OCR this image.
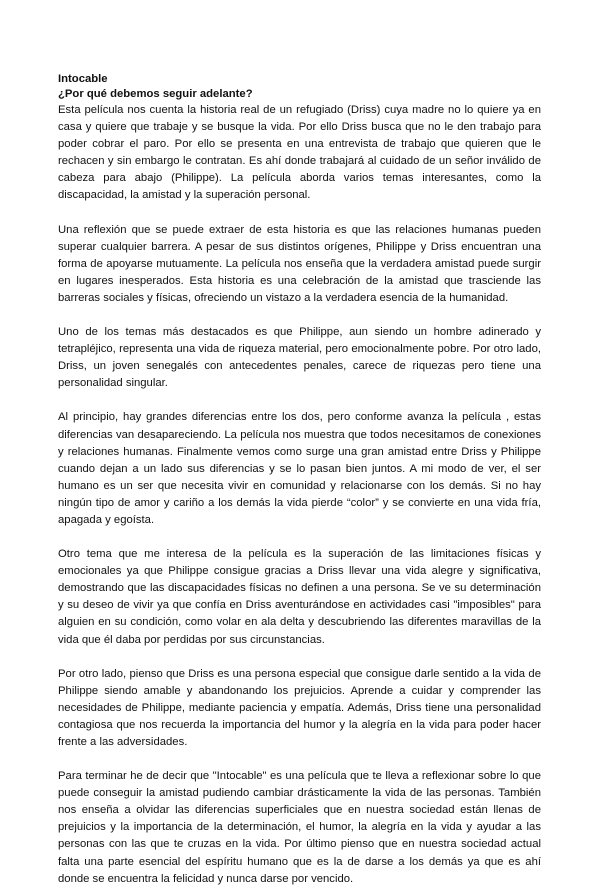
Intocable
¿Por qué debemos seguir adelante?

Esta película nos cuenta la historia real de un refugiado (Driss) cuya madre no lo quiere ya en casa y quiere que trabaje y se busque la vida. Por ello Driss busca que no le den trabajo para poder cobrar el paro. Por ello se presenta en una entrevista de trabajo que quieren que le rechacen y sin embargo le contratan. Es ahí donde trabajará al cuidado de un señor inválido de cabeza para abajo (Philippe). La película aborda varios temas interesantes, como la discapacidad, la amistad y la superación personal.

Una reflexión que se puede extraer de esta historia es que las relaciones humanas pueden superar cualquier barrera. A pesar de sus distintos orígenes, Philippe y Driss encuentran una forma de apoyarse mutuamente. La película nos enseña que la verdadera amistad puede surgir en lugares inesperados. Esta historia es una celebración de la amistad que trasciende las barreras sociales y físicas, ofreciendo un vistazo a la verdadera esencia de la humanidad.

Uno de los temas más destacados es que Philippe, aun siendo un hombre adinerado y tetrapléjico, representa una vida de riqueza material, pero emocionalmente pobre. Por otro lado, Driss, un joven senegalés con antecedentes penales, carece de riquezas pero tiene una personalidad singular.

Al principio, hay grandes diferencias entre los dos, pero conforme avanza la película , estas diferencias van desapareciendo. La película nos muestra que todos necesitamos de conexiones y relaciones humanas. Finalmente vemos como surge una gran amistad entre Driss y Philippe cuando dejan a un lado sus diferencias y se lo pasan bien juntos. A mi modo de ver, el ser humano es un ser que necesita vivir en comunidad y relacionarse con los demás. Si no hay ningún tipo de amor y cariño a los demás la vida pierde “color” y se convierte en una vida fría, apagada y egoísta.

Otro tema que me interesa de la película es la superación de las limitaciones físicas y emocionales ya que Philippe consigue gracias a Driss llevar una vida alegre y significativa, demostrando que las discapacidades físicas no definen a una persona. Se ve su determinación y su deseo de vivir ya que confía en Driss aventurándose en actividades casi "imposibles" para alguien en su condición, como volar en ala delta y descubriendo las diferentes maravillas de la vida que él daba por perdidas por sus circunstancias.

Por otro lado, pienso que Driss es una persona especial que consigue darle sentido a la vida de Philippe siendo amable y abandonando los prejuicios. Aprende a cuidar y comprender las necesidades de Philippe, mediante paciencia y empatía. Además, Driss tiene una personalidad contagiosa que nos recuerda la importancia del humor y la alegría en la vida para poder hacer frente a las adversidades.

Para terminar he de decir que "Intocable" es una película que te lleva a reflexionar sobre lo que puede conseguir la amistad pudiendo cambiar drásticamente la vida de las personas. También nos enseña a olvidar las diferencias superficiales que en nuestra sociedad están llenas de prejuicios y la importancia de la determinación, el humor, la alegría en la vida y ayudar a las personas con las que te cruzas en la vida. Por último pienso que en nuestra sociedad actual falta una parte esencial del espíritu humano que es la de darse a los demás ya que es ahí donde se encuentra la felicidad y nunca darse por vencido.
